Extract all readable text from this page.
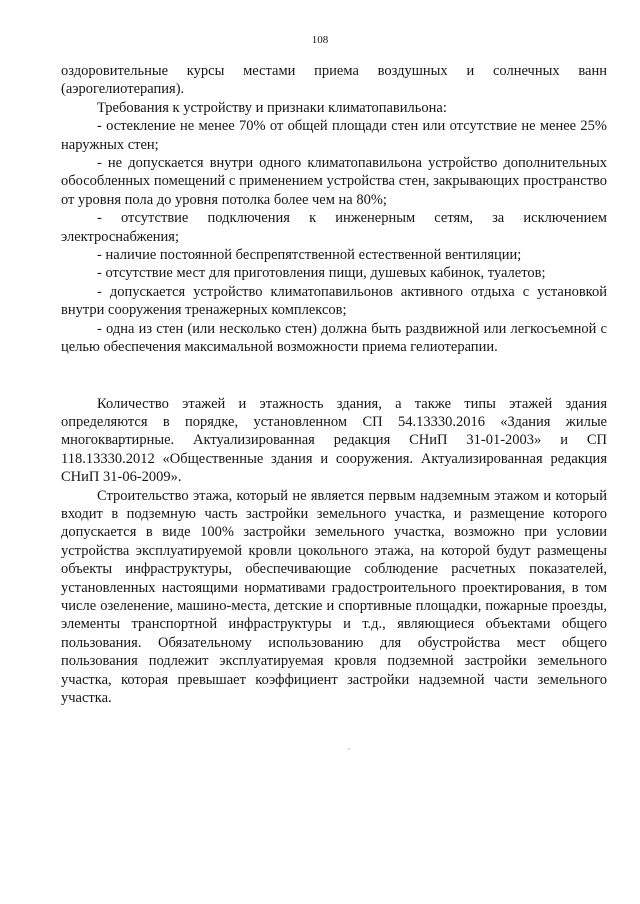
108

оздоровительные курсы местами приема воздушных и солнечных ванн (аэрогелиотерапия).

Требования к устройству и признаки климатопавильона:

- остекление не менее 70% от общей площади стен или отсутствие не менее 25% наружных стен;

- не допускается внутри одного климатопавильона устройство дополнительных обособленных помещений с применением устройства стен, закрывающих пространство от уровня пола до уровня потолка более чем на 80%;

- отсутствие подключения к инженерным сетям, за исключением электроснабжения;

- наличие постоянной беспрепятственной естественной вентиляции;

- отсутствие мест для приготовления пищи, душевых кабинок, туалетов;

- допускается устройство климатопавильонов активного отдыха с установкой внутри сооружения тренажерных комплексов;

- одна из стен (или несколько стен) должна быть раздвижной или легкосъемной с целью обеспечения максимальной возможности приема гелиотерапии.

Количество этажей и этажность здания, а также типы этажей здания определяются в порядке, установленном СП 54.13330.2016 «Здания жилые многоквартирные. Актуализированная редакция СНиП 31-01-2003» и СП 118.13330.2012 «Общественные здания и сооружения. Актуализированная редакция СНиП 31-06-2009».

Строительство этажа, который не является первым надземным этажом и который входит в подземную часть застройки земельного участка, и размещение которого допускается в виде 100% застройки земельного участка, возможно при условии устройства эксплуатируемой кровли цокольного этажа, на которой будут размещены объекты инфраструктуры, обеспечивающие соблюдение расчетных показателей, установленных настоящими нормативами градостроительного проектирования, в том числе озеленение, машино-места, детские и спортивные площадки, пожарные проезды, элементы транспортной инфраструктуры и т.д., являющиеся объектами общего пользования. Обязательному использованию для обустройства мест общего пользования подлежит эксплуатируемая кровля подземной застройки земельного участка, которая превышает коэффициент застройки надземной части земельного участка.
